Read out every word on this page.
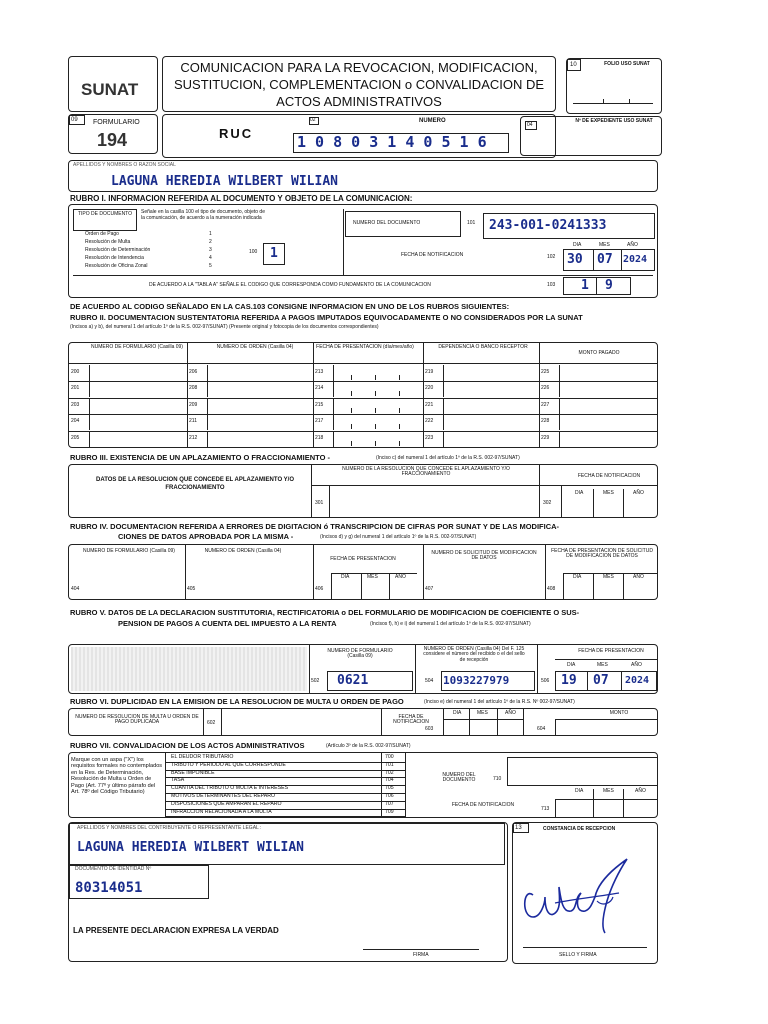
SUNAT
COMUNICACION PARA LA REVOCACION, MODIFICACION,
SUSTITUCION, COMPLEMENTACION o CONVALIDACION DE
ACTOS ADMINISTRATIVOS
10	FOLIO USO SUNAT
09 FORMULARIO
194	RUC
02	NUMERO
1 0 8 0 3 1 4 0 5 1 6
04
Nº DE EXPEDIENTE USO SUNAT
APELLIDOS Y NOMBRES O RAZON SOCIAL
LAGUNA HEREDIA WILBERT WILIAN
RUBRO I. INFORMACION REFERIDA AL DOCUMENTO Y OBJETO DE LA COMUNICACION:
TIPO DE DOCUMENTO Señale en la casilla 100 el tipo de documento, objeto de la comunicación, de acuerdo a la numeración indicada
Orden de Pago	1
Resolución de Multa	2
Resolución de Determinación	3
Resolución de Intendencia	4
Resolución de Oficina Zonal	5
100 1
NUMERO DEL DOCUMENTO	101 243-001-0241333
FECHA DE NOTIFICACION
DIA	MES	AÑO
102 30 07 2024
DE ACUERDO A LA "TABLA A" SEÑALE EL CODIGO QUE CORRESPONDA COMO FUNDAMENTO DE LA COMUNICACION	103 1 9
DE ACUERDO AL CODIGO SEÑALADO EN LA CAS.103 CONSIGNE INFORMACION EN UNO DE LOS RUBROS SIGUIENTES:
RUBRO II. DOCUMENTACION SUSTENTATORIA REFERIDA A PAGOS IMPUTADOS EQUIVOCADAMENTE O NO CONSIDERADOS POR LA SUNAT
(Incisos a) y b), del numeral 1 del artículo 1º de la R.S. 002-97/SUNAT) (Presente original y fotocopia de los documentos correspondientes)
NUMERO DE FORMULARIO (Casilla 09)	NUMERO DE ORDEN (Casilla 04)	FECHA DE PRESENTACION (día/mes/año)	DEPENDENCIA O BANCO RECEPTOR
MONTO PAGADO
200	206	213	219	225
201	208	214	220	226
203	209	215	221	227
204	211	217	222	228
205	212	218	223	229
RUBRO III. EXISTENCIA DE UN APLAZAMIENTO O FRACCIONAMIENTO -	(Inciso c) del numeral 1 del artículo 1º de la R.S. 002-97/SUNAT)
DATOS DE LA RESOLUCION QUE CONCEDE EL APLAZAMIENTO Y/O FRACCIONAMIENTO
NUMERO DE LA RESOLUCION QUE CONCEDE EL APLAZAMIENTO Y/O FRACCIONAMIENTO	FECHA DE NOTIFICACION
301	302
DIA	MES	AÑO
RUBRO IV. DOCUMENTACION REFERIDA A ERRORES DE DIGITACION ó TRANSCRIPCION DE CIFRAS POR SUNAT Y DE LAS MODIFICA-
CIONES DE DATOS APROBADA POR LA MISMA -	(Incisos d) y g) del numeral 1 del artículo 1º de la R.S. 002-97/SUNAT)
NUMERO DE FORMULARIO (Casilla 09)	NUMERO DE ORDEN (Casilla 04)
FECHA DE PRESENTACION
NUMERO DE SOLICITUD DE MODIFICACION DE DATOS
FECHA DE PRESENTACION DE SOLICITUD DE MODIFICACION DE DATOS
DIA	MES	AÑO	DIA	MES	AÑO
404	405	406	407	408
RUBRO V. DATOS DE LA DECLARACION SUSTITUTORIA, RECTIFICATORIA o DEL FORMULARIO DE MODIFICACION DE COEFICIENTE O SUS-
PENSION DE PAGOS A CUENTA DEL IMPUESTO A LA RENTA	(Incisos f), h) e i) del numeral 1 del artículo 1º de la R.S. 002-97/SUNAT)
NUMERO DE FORMULARIO (Casilla 09)
NUMERO DE ORDEN (Casilla 04) Del F. 125 considere el número del recibido o el del sello de recepción
FECHA DE PRESENTACION
DIA	MES	AÑO
502 0621	504 1093227979	506 19 07 2024
RUBRO VI. DUPLICIDAD EN LA EMISION DE LA RESOLUCION DE MULTA U ORDEN DE PAGO	(Inciso e) del numeral 1 del artículo 1º de la R.S. Nº 002-97/SUNAT)
NUMERO DE RESOLUCION DE MULTA U ORDEN DE PAGO DUPLICADA	602
FECHA DE NOTIFICACION
603
DIA	MES	AÑO	MONTO
604
RUBRO VII. CONVALIDACION DE LOS ACTOS ADMINISTRATIVOS	(Artículo 3º de la R.S. 002-97/SUNAT)
Marque con un aspa ("X") los requisitos formales no contemplados en la Res. de Determinación, Resolución de Multa u Orden de Pago (Art. 77º y último párrafo del Art. 78º del Código Tributario)
EL DEUDOR TRIBUTARIO	700
TRIBUTO Y PERIODO AL QUE CORRESPONDE	701
BASE IMPONIBLE	702
TASA	704
CUANTIA DEL TRIBUTO O MULTA E INTERESES	705
MOTIVOS DETERMINANTES DEL REPARO	706
DISPOSICIONES QUE AMPARAN EL REPARO	707
INFRACCION RELACIONADA A LA MULTA	709
NUMERO DEL DOCUMENTO	710
FECHA DE NOTIFICACION
713
DIA	MES	AÑO
APELLIDOS Y NOMBRES DEL CONTRIBUYENTE O REPRESENTANTE LEGAL :
LAGUNA HEREDIA WILBERT WILIAN
DOCUMENTO DE IDENTIDAD Nº
80314051
LA PRESENTE DECLARACION EXPRESA LA VERDAD
FIRMA
13	CONSTANCIA DE RECEPCION
SELLO Y FIRMA
